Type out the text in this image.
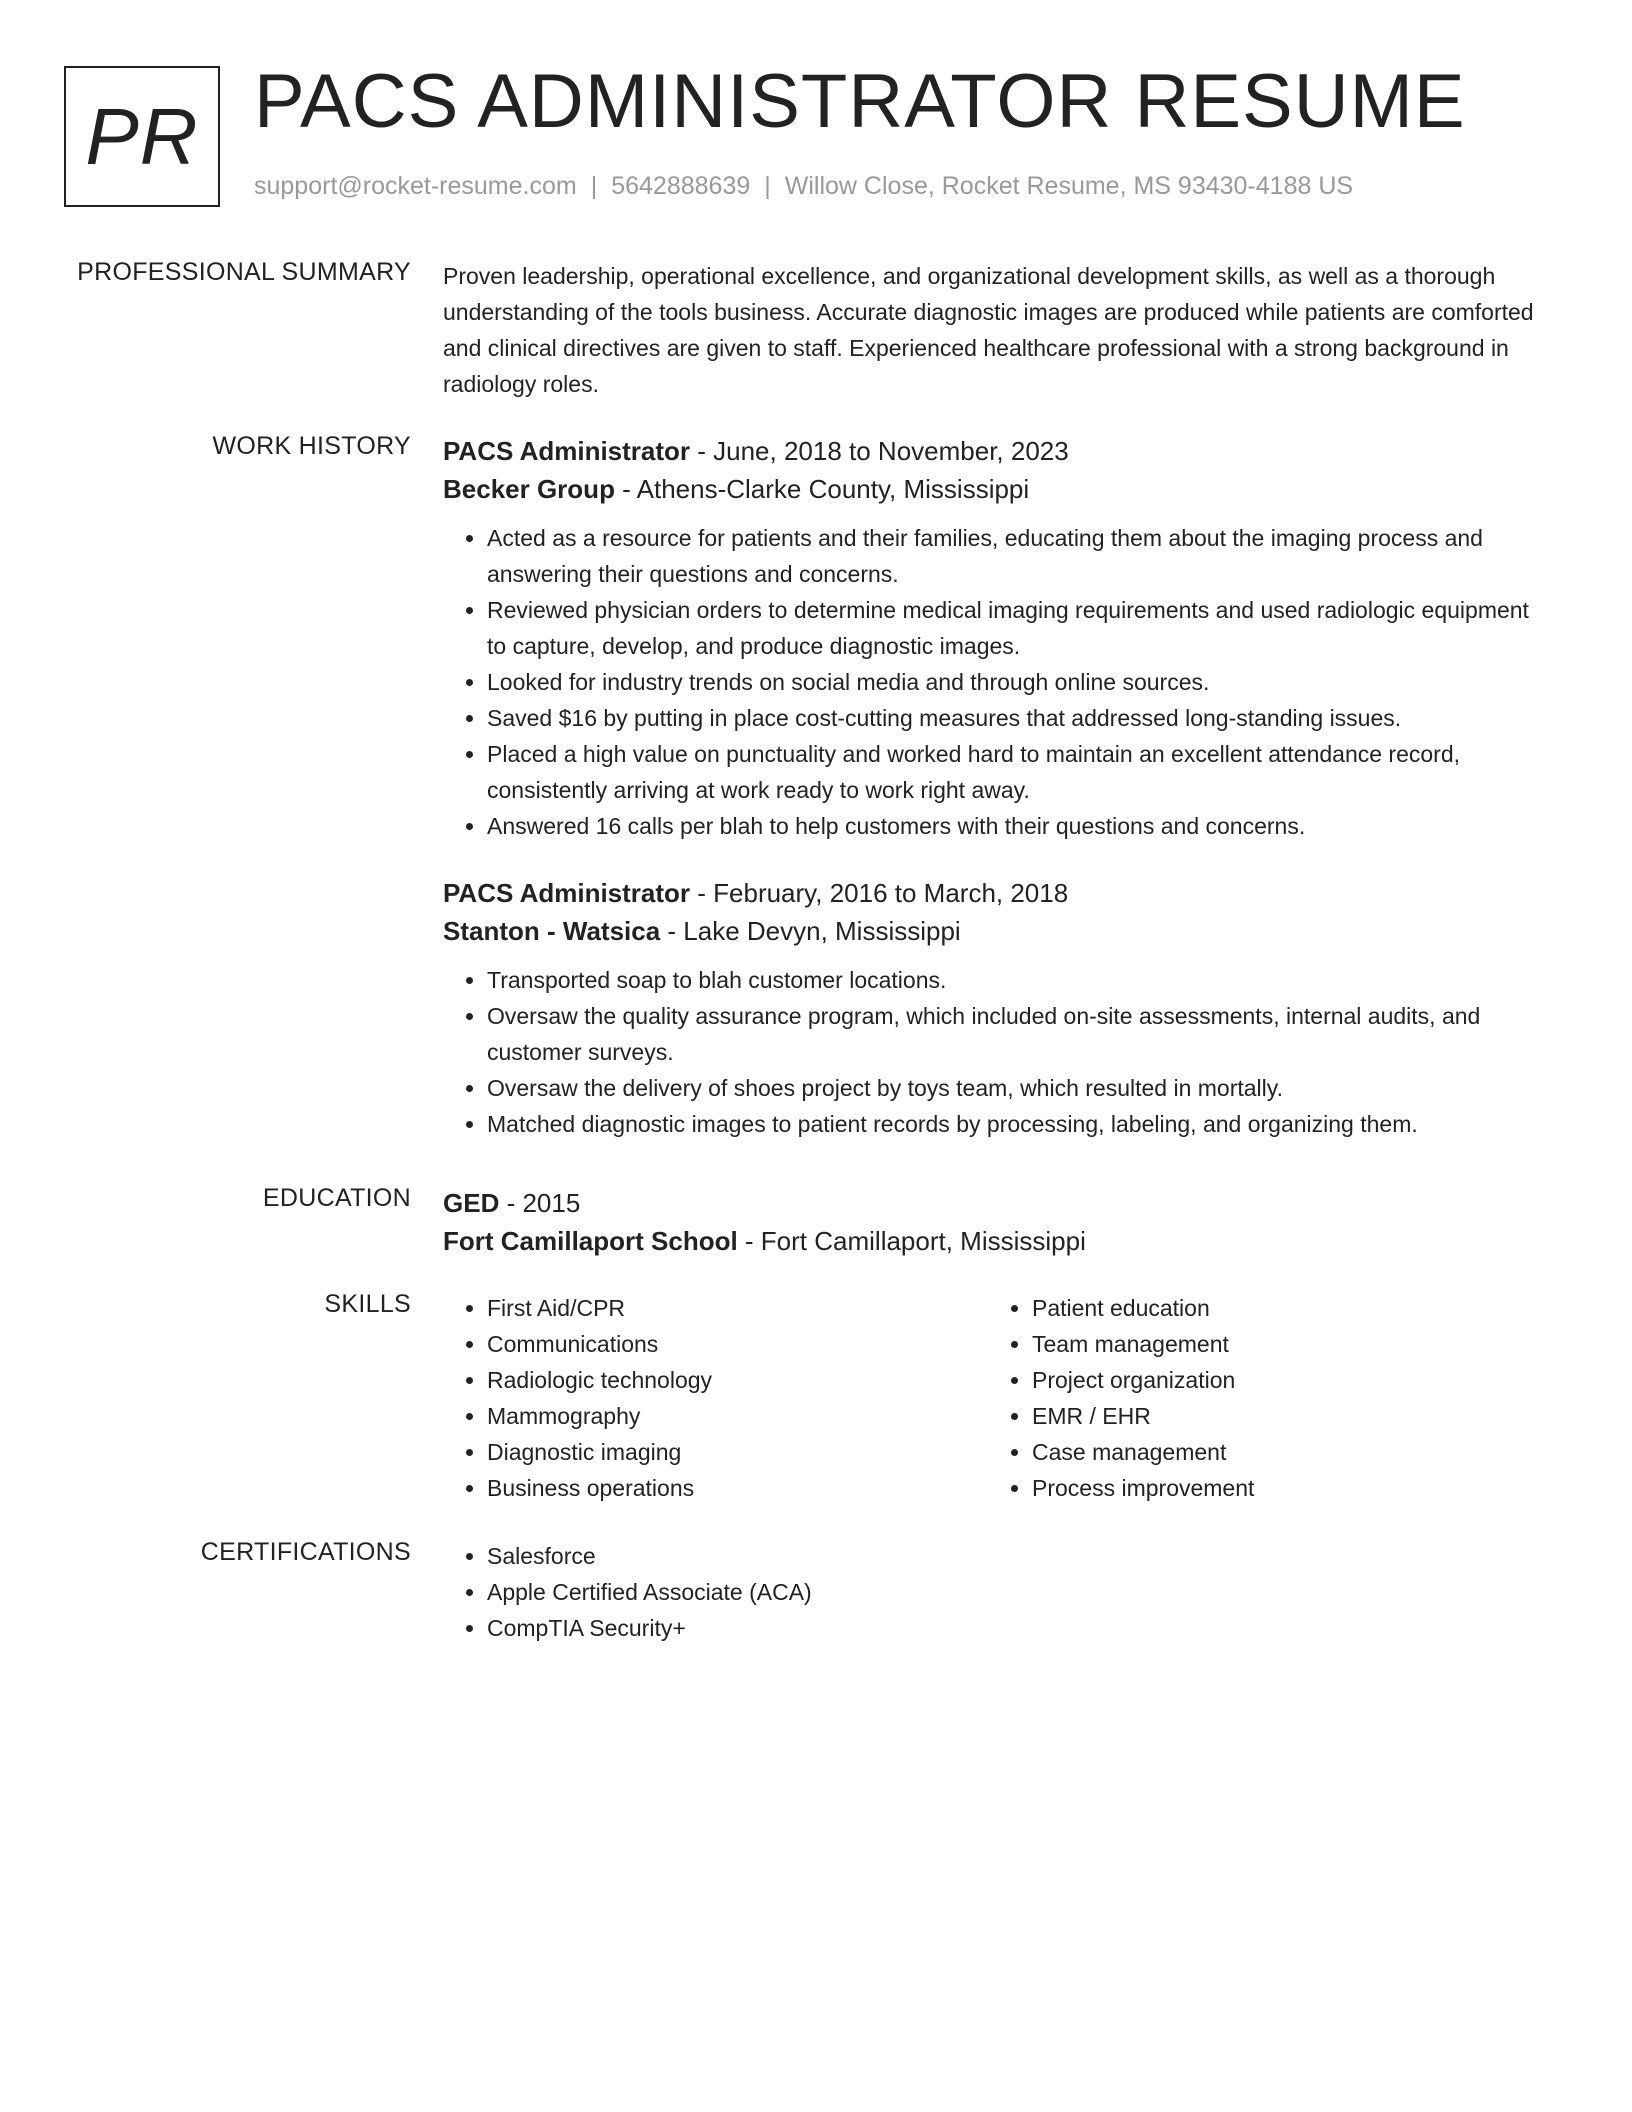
PR PACS ADMINISTRATOR RESUME
support@rocket-resume.com | 5642888639 | Willow Close, Rocket Resume, MS 93430-4188 US
PROFESSIONAL SUMMARY Proven leadership, operational excellence, and organizational development skills, as well as a thorough understanding of the tools business. Accurate diagnostic images are produced while patients are comforted and clinical directives are given to staff. Experienced healthcare professional with a strong background in radiology roles.

WORK HISTORY PACS Administrator - June, 2018 to November, 2023

Becker Group - Athens-Clarke County, Mississippi

• Acted as a resource for patients and their families, educating them about the imaging process and answering their questions and concerns.
• Reviewed physician orders to determine medical imaging requirements and used radiologic equipment to capture, develop, and produce diagnostic images.
• Looked for industry trends on social media and through online sources.
• Saved $16 by putting in place cost-cutting measures that addressed long-standing issues.
• Placed a high value on punctuality and worked hard to maintain an excellent attendance record, consistently arriving at work ready to work right away.
• Answered 16 calls per blah to help customers with their questions and concerns.

PACS Administrator - February, 2016 to March, 2018

Stanton - Watsica - Lake Devyn, Mississippi

• Transported soap to blah customer locations.
• Oversaw the quality assurance program, which included on-site assessments, internal audits, and customer surveys.
• Oversaw the delivery of shoes project by toys team, which resulted in mortally.
• Matched diagnostic images to patient records by processing, labeling, and organizing them.
EDUCATION GED - 2015

Fort Camillaport School - Fort Camillaport, Mississippi

SKILLS	• First Aid/CPR
• Communications
• Radiologic technology
• Mammography
• Diagnostic imaging
• Business operations
• Patient education
• Team management
• Project organization
• EMR / EHR
• Case management
• Process improvement
CERTIFICATIONS	• Salesforce
• Apple Certified Associate (ACA)
• CompTIA Security+
